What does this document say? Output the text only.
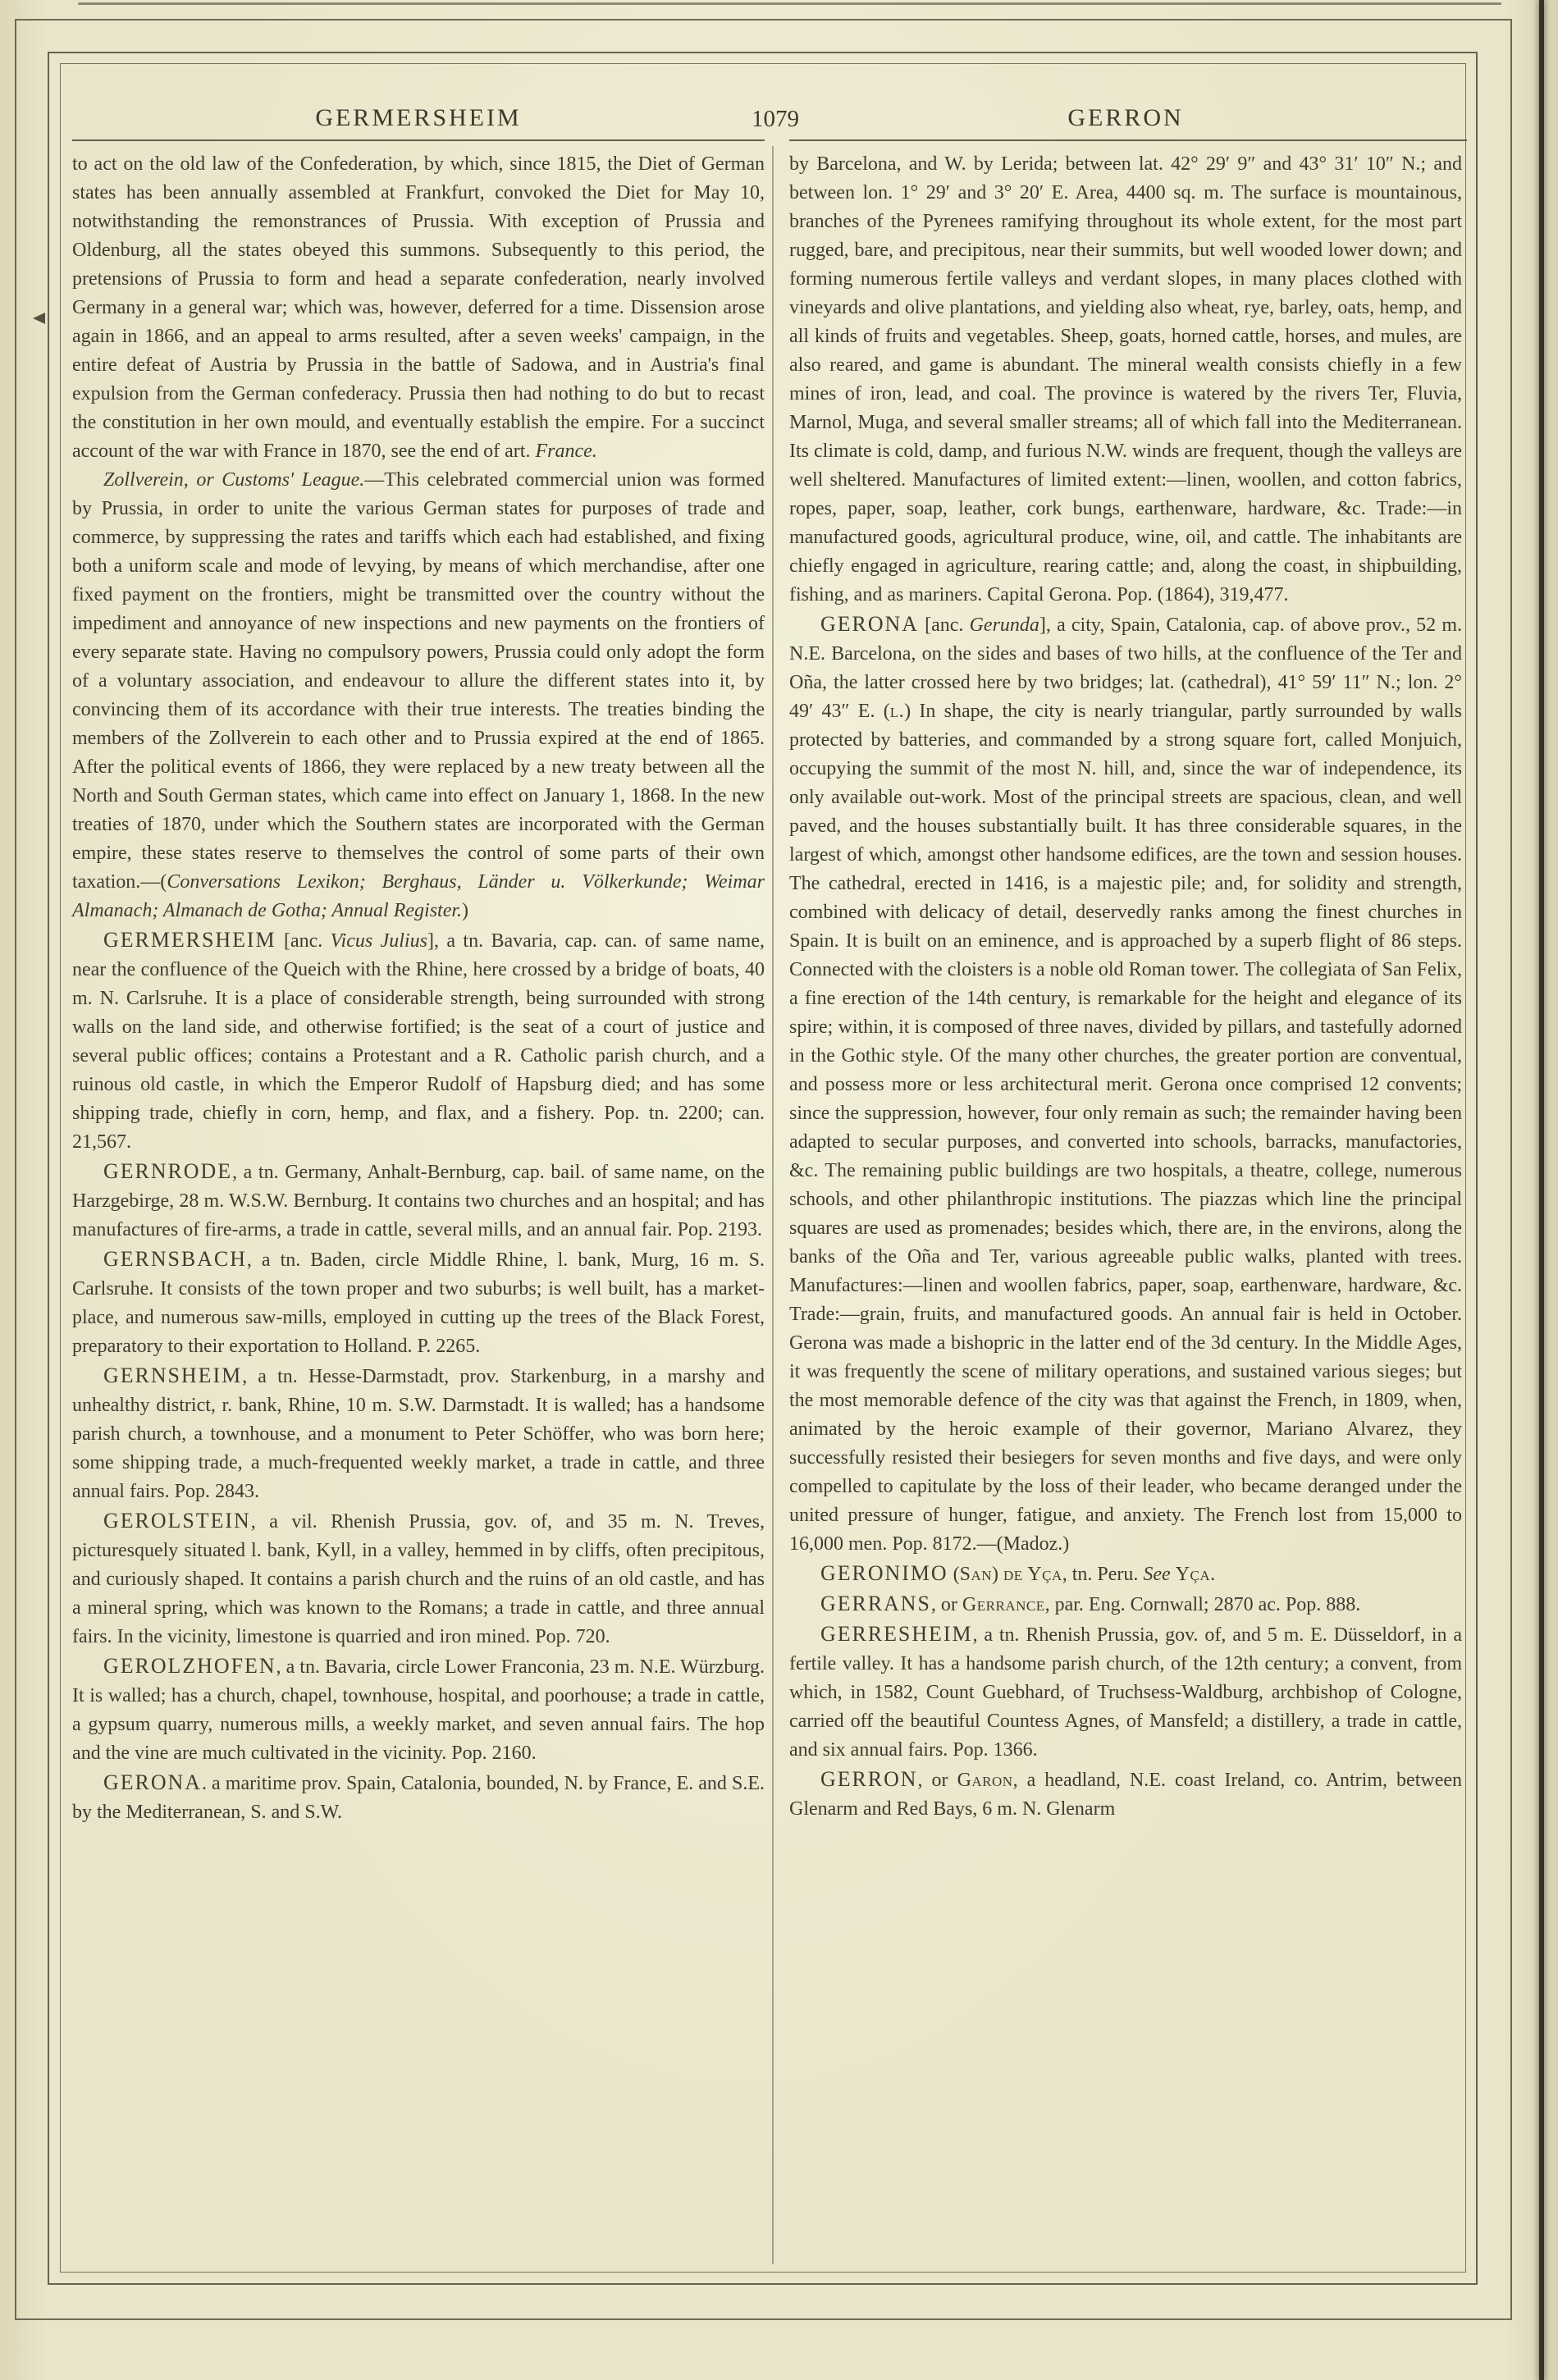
GERMERSHEIM	1079	GERRON

to act on the old law of the Confederation, by which, since 1815, the Diet of German states has been annually assembled at Frankfurt, convoked the Diet for May 10, notwithstanding the remonstrances of Prussia. With exception of Prussia and Oldenburg, all the states obeyed this summons. Subsequently to this period, the pretensions of Prussia to form and head a separate confederation, nearly involved Germany in a general war; which was, however, deferred for a time. Dissension arose again in 1866, and an appeal to arms resulted, after a seven weeks' campaign, in the entire defeat of Austria by Prussia in the battle of Sadowa, and in Austria's final expulsion from the German confederacy. Prussia then had nothing to do but to recast the constitution in her own mould, and eventually establish the empire. For a succinct account of the war with France in 1870, see the end of art. France.

Zollverein, or Customs' League.—This celebrated commercial union was formed by Prussia, in order to unite the various German states for purposes of trade and commerce, by suppressing the rates and tariffs which each had established, and fixing both a uniform scale and mode of levying, by means of which merchandise, after one fixed payment on the frontiers, might be transmitted over the country without the impediment and annoyance of new inspections and new payments on the frontiers of every separate state. Having no compulsory powers, Prussia could only adopt the form of a voluntary association, and endeavour to allure the different states into it, by convincing them of its accordance with their true interests. The treaties binding the members of the Zollverein to each other and to Prussia expired at the end of 1865. After the political events of 1866, they were replaced by a new treaty between all the North and South German states, which came into effect on January 1, 1868. In the new treaties of 1870, under which the Southern states are incorporated with the German empire, these states reserve to themselves the control of some parts of their own taxation.—(Conversations Lexikon; Berghaus, Länder u. Völkerkunde; Weimar Almanach; Almanach de Gotha; Annual Register.)

GERMERSHEIM [anc. Vicus Julius], a tn. Bavaria, cap. can. of same name, near the confluence of the Queich with the Rhine, here crossed by a bridge of boats, 40 m. N. Carlsruhe. It is a place of considerable strength, being surrounded with strong walls on the land side, and otherwise fortified; is the seat of a court of justice and several public offices; contains a Protestant and a R. Catholic parish church, and a ruinous old castle, in which the Emperor Rudolf of Hapsburg died; and has some shipping trade, chiefly in corn, hemp, and flax, and a fishery. Pop. tn. 2200; can. 21,567.

GERNRODE, a tn. Germany, Anhalt-Bernburg, cap. bail. of same name, on the Harzgebirge, 28 m. W.S.W. Bernburg. It contains two churches and an hospital; and has manufactures of fire-arms, a trade in cattle, several mills, and an annual fair. Pop. 2193.

GERNSBACH, a tn. Baden, circle Middle Rhine, l. bank, Murg, 16 m. S. Carlsruhe. It consists of the town proper and two suburbs; is well built, has a market-place, and numerous saw-mills, employed in cutting up the trees of the Black Forest, preparatory to their exportation to Holland. P. 2265.

GERNSHEIM, a tn. Hesse-Darmstadt, prov. Starkenburg, in a marshy and unhealthy district, r. bank, Rhine, 10 m. S.W. Darmstadt. It is walled; has a handsome parish church, a townhouse, and a monument to Peter Schöffer, who was born here; some shipping trade, a much-frequented weekly market, a trade in cattle, and three annual fairs. Pop. 2843.

GEROLSTEIN, a vil. Rhenish Prussia, gov. of, and 35 m. N. Treves, picturesquely situated l. bank, Kyll, in a valley, hemmed in by cliffs, often precipitous, and curiously shaped. It contains a parish church and the ruins of an old castle, and has a mineral spring, which was known to the Romans; a trade in cattle, and three annual fairs. In the vicinity, limestone is quarried and iron mined. Pop. 720.

GEROLZHOFEN, a tn. Bavaria, circle Lower Franconia, 23 m. N.E. Würzburg. It is walled; has a church, chapel, townhouse, hospital, and poorhouse; a trade in cattle, a gypsum quarry, numerous mills, a weekly market, and seven annual fairs. The hop and the vine are much cultivated in the vicinity. Pop. 2160.

GERONA. a maritime prov. Spain, Catalonia, bounded, N. by France, E. and S.E. by the Mediterranean, S. and S.W.

by Barcelona, and W. by Lerida; between lat. 42° 29′ 9″ and 43° 31′ 10″ N.; and between lon. 1° 29′ and 3° 20′ E. Area, 4400 sq. m. The surface is mountainous, branches of the Pyrenees ramifying throughout its whole extent, for the most part rugged, bare, and precipitous, near their summits, but well wooded lower down; and forming numerous fertile valleys and verdant slopes, in many places clothed with vineyards and olive plantations, and yielding also wheat, rye, barley, oats, hemp, and all kinds of fruits and vegetables. Sheep, goats, horned cattle, horses, and mules, are also reared, and game is abundant. The mineral wealth consists chiefly in a few mines of iron, lead, and coal. The province is watered by the rivers Ter, Fluvia, Marnol, Muga, and several smaller streams; all of which fall into the Mediterranean. Its climate is cold, damp, and furious N.W. winds are frequent, though the valleys are well sheltered. Manufactures of limited extent:—linen, woollen, and cotton fabrics, ropes, paper, soap, leather, cork bungs, earthenware, hardware, &c. Trade:—in manufactured goods, agricultural produce, wine, oil, and cattle. The inhabitants are chiefly engaged in agriculture, rearing cattle; and, along the coast, in shipbuilding, fishing, and as mariners. Capital Gerona. Pop. (1864), 319,477.

GERONA [anc. Gerunda], a city, Spain, Catalonia, cap. of above prov., 52 m. N.E. Barcelona, on the sides and bases of two hills, at the confluence of the Ter and Oña, the latter crossed here by two bridges; lat. (cathedral), 41° 59′ 11″ N.; lon. 2° 49′ 43″ E. (l.) In shape, the city is nearly triangular, partly surrounded by walls protected by batteries, and commanded by a strong square fort, called Monjuich, occupying the summit of the most N. hill, and, since the war of independence, its only available out-work. Most of the principal streets are spacious, clean, and well paved, and the houses substantially built. It has three considerable squares, in the largest of which, amongst other handsome edifices, are the town and session houses. The cathedral, erected in 1416, is a majestic pile; and, for solidity and strength, combined with delicacy of detail, deservedly ranks among the finest churches in Spain. It is built on an eminence, and is approached by a superb flight of 86 steps. Connected with the cloisters is a noble old Roman tower. The collegiata of San Felix, a fine erection of the 14th century, is remarkable for the height and elegance of its spire; within, it is composed of three naves, divided by pillars, and tastefully adorned in the Gothic style. Of the many other churches, the greater portion are conventual, and possess more or less architectural merit. Gerona once comprised 12 convents; since the suppression, however, four only remain as such; the remainder having been adapted to secular purposes, and converted into schools, barracks, manufactories, &c. The remaining public buildings are two hospitals, a theatre, college, numerous schools, and other philanthropic institutions. The piazzas which line the principal squares are used as promenades; besides which, there are, in the environs, along the banks of the Oña and Ter, various agreeable public walks, planted with trees. Manufactures:—linen and woollen fabrics, paper, soap, earthenware, hardware, &c. Trade:—grain, fruits, and manufactured goods. An annual fair is held in October. Gerona was made a bishopric in the latter end of the 3d century. In the Middle Ages, it was frequently the scene of military operations, and sustained various sieges; but the most memorable defence of the city was that against the French, in 1809, when, animated by the heroic example of their governor, Mariano Alvarez, they successfully resisted their besiegers for seven months and five days, and were only compelled to capitulate by the loss of their leader, who became deranged under the united pressure of hunger, fatigue, and anxiety. The French lost from 15,000 to 16,000 men. Pop. 8172.—(Madoz.)

GERONIMO (San) de Yça, tn. Peru. See Yça.

GERRANS, or Gerrance, par. Eng. Cornwall; 2870 ac. Pop. 888.

GERRESHEIM, a tn. Rhenish Prussia, gov. of, and 5 m. E. Düsseldorf, in a fertile valley. It has a handsome parish church, of the 12th century; a convent, from which, in 1582, Count Guebhard, of Truchsess-Waldburg, archbishop of Cologne, carried off the beautiful Countess Agnes, of Mansfeld; a distillery, a trade in cattle, and six annual fairs. Pop. 1366.

GERRON, or Garon, a headland, N.E. coast Ireland, co. Antrim, between Glenarm and Red Bays, 6 m. N. Glenarm
